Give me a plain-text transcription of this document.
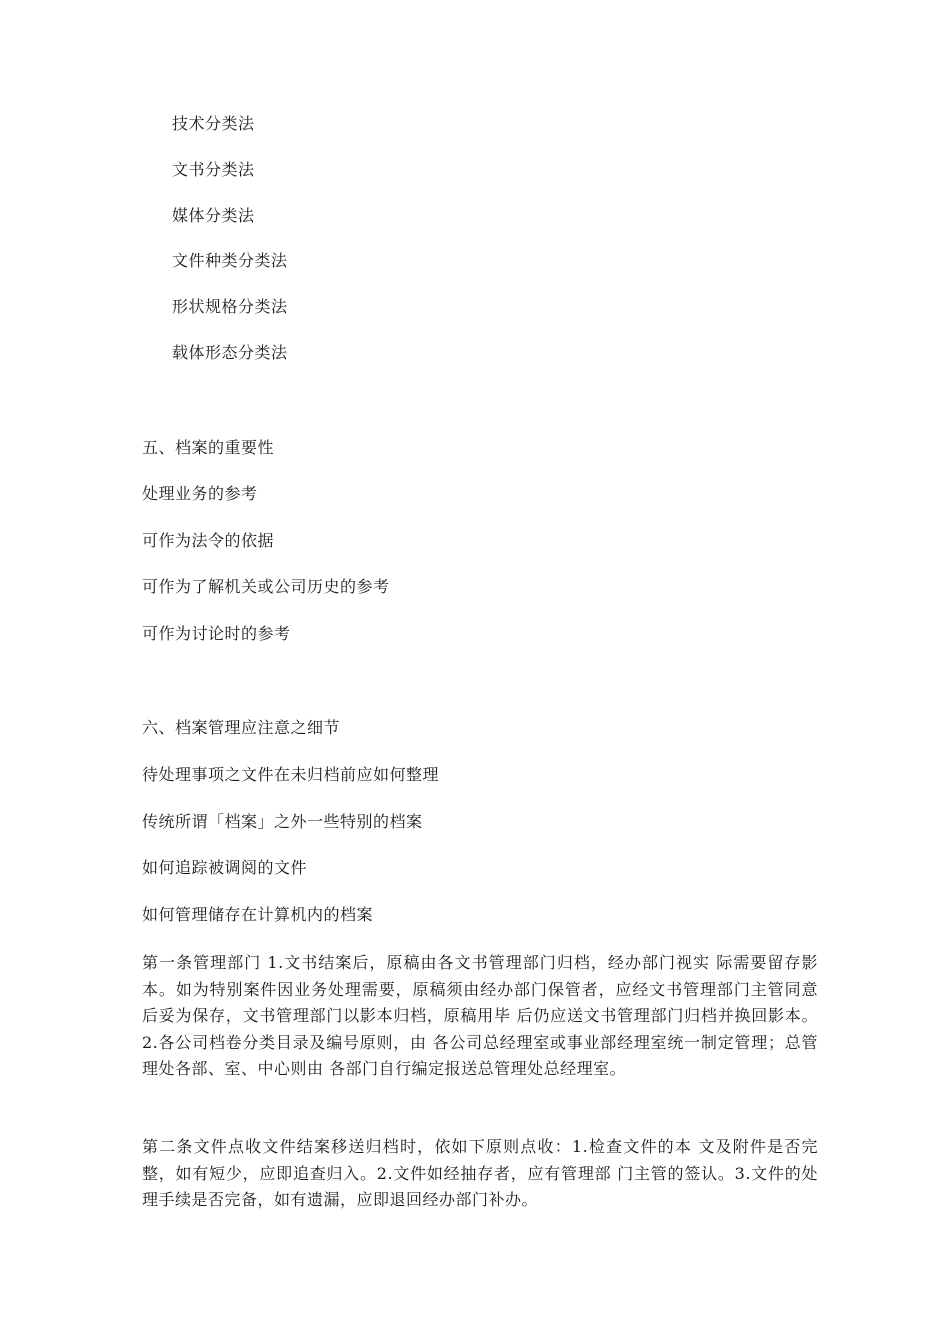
技术分类法
文书分类法
媒体分类法
文件种类分类法
形状规格分类法
载体形态分类法
五、档案的重要性
处理业务的参考
可作为法令的依据
可作为了解机关或公司历史的参考
可作为讨论时的参考
六、档案管理应注意之细节
待处理事项之文件在未归档前应如何整理
传统所谓「档案」之外一些特别的档案
如何追踪被调阅的文件
如何管理储存在计算机内的档案
第一条管理部门 1.文书结案后，原稿由各文书管理部门归档，经办部门视实 际需要留存影本。如为特别案件因业务处理需要，原稿须由经办部门保管者，应经文书管理部门主管同意后妥为保存，文书管理部门以影本归档，原稿用毕 后仍应送文书管理部门归档并换回影本。2.各公司档卷分类目录及编号原则，由 各公司总经理室或事业部经理室统一制定管理；总管理处各部、室、中心则由 各部门自行编定报送总管理处总经理室。
第二条文件点收文件结案移送归档时，依如下原则点收：1.检查文件的本 文及附件是否完整，如有短少，应即追查归入。2.文件如经抽存者，应有管理部 门主管的签认。3.文件的处理手续是否完备，如有遗漏，应即退回经办部门补办。
